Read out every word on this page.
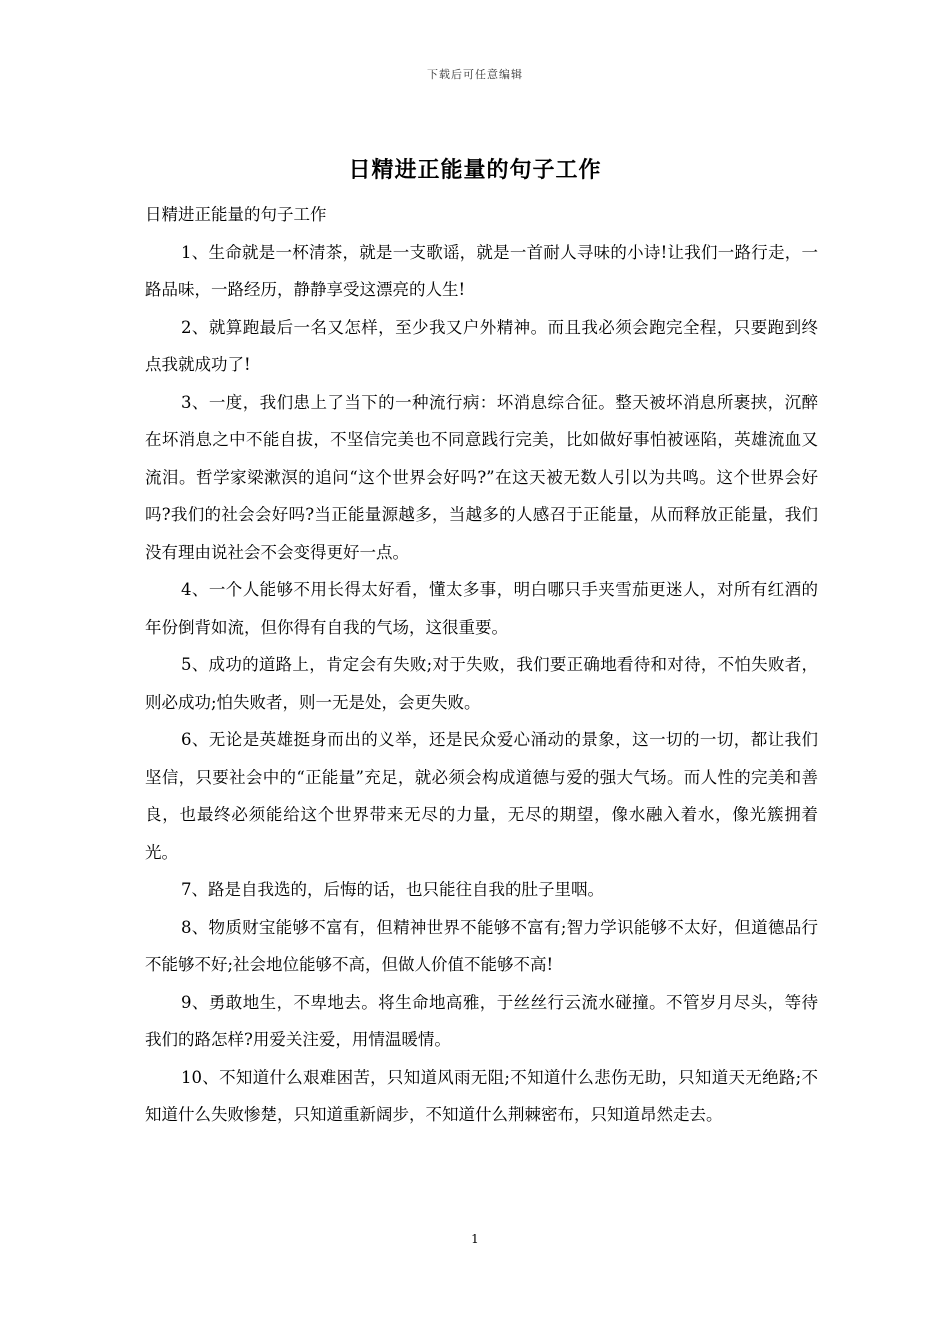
下载后可任意编辑
日精进正能量的句子工作

日精进正能量的句子工作

1、生命就是一杯清茶，就是一支歌谣，就是一首耐人寻味的小诗!让我们一路行走，一路品味，一路经历，静静享受这漂亮的人生!

2、就算跑最后一名又怎样，至少我又户外精神。而且我必须会跑完全程，只要跑到终点我就成功了!

3、一度，我们患上了当下的一种流行病：坏消息综合征。整天被坏消息所裹挟，沉醉在坏消息之中不能自拔，不坚信完美也不同意践行完美，比如做好事怕被诬陷，英雄流血又流泪。哲学家梁漱溟的追问“这个世界会好吗?”在这天被无数人引以为共鸣。这个世界会好吗?我们的社会会好吗?当正能量源越多，当越多的人感召于正能量，从而释放正能量，我们没有理由说社会不会变得更好一点。

4、一个人能够不用长得太好看，懂太多事，明白哪只手夹雪茄更迷人，对所有红酒的年份倒背如流，但你得有自我的气场，这很重要。

5、成功的道路上，肯定会有失败;对于失败，我们要正确地看待和对待，不怕失败者，则必成功;怕失败者，则一无是处，会更失败。

6、无论是英雄挺身而出的义举，还是民众爱心涌动的景象，这一切的一切，都让我们坚信，只要社会中的“正能量”充足，就必须会构成道德与爱的强大气场。而人性的完美和善良，也最终必须能给这个世界带来无尽的力量，无尽的期望，像水融入着水，像光簇拥着光。

7、路是自我选的，后悔的话，也只能往自我的肚子里咽。

8、物质财宝能够不富有，但精神世界不能够不富有;智力学识能够不太好，但道德品行不能够不好;社会地位能够不高，但做人价值不能够不高!

9、勇敢地生，不卑地去。将生命地高雅，于丝丝行云流水碰撞。不管岁月尽头，等待我们的路怎样?用爱关注爱，用情温暖情。

10、不知道什么艰难困苦，只知道风雨无阻;不知道什么悲伤无助，只知道天无绝路;不知道什么失败惨楚，只知道重新阔步，不知道什么荆棘密布，只知道昂然走去。

1
